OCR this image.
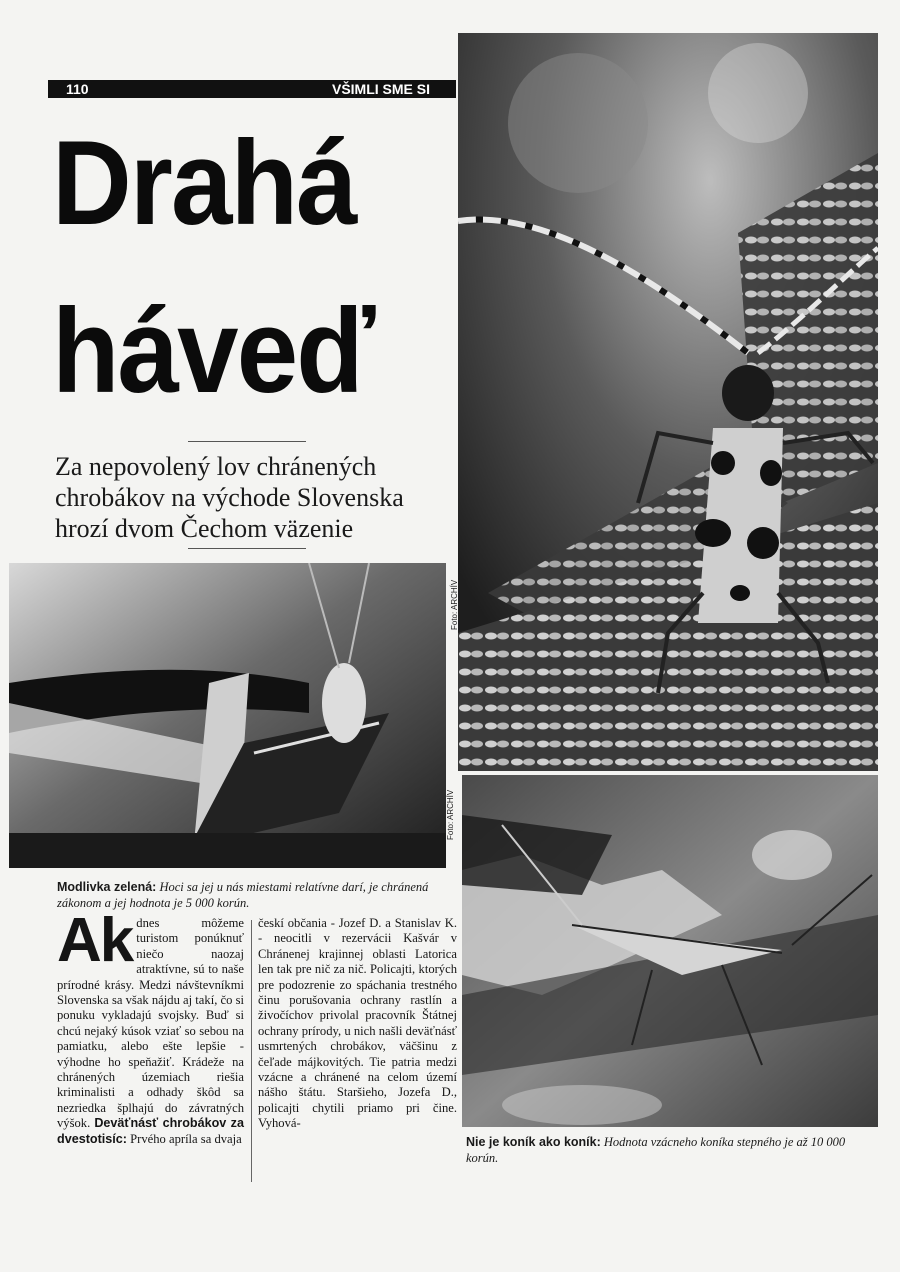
110	VŠIMLI SME SI
Drahá
háveď
Za nepovolený lov chránených chrobákov na východe Slovenska hrozí dvom Čechom väzenie
Foto: ARCHÍV
Foto: ARCHÍV
Modlivka zelená: Hoci sa jej u nás miestami relatívne darí, je chránená zákonom a jej hodnota je 5 000 korún.
Nie je koník ako koník: Hodnota vzácneho koníka stepného je až 10 000 korún.
Ak dnes môžeme turistom ponúknuť niečo naozaj atraktívne, sú to naše prírodné krásy. Medzi návštevníkmi Slovenska sa však nájdu aj takí, čo si ponuku vykladajú svojsky. Buď si chcú nejaký kúsok vziať so sebou na pamiatku, alebo ešte lepšie - výhodne ho speňažiť. Krádeže na chránených územiach riešia kriminalisti a odhady škôd sa nezriedka šplhajú do závratných výšok. Deväťnásť chrobákov za dvestotisíc: Prvého apríla sa dvaja
českí občania - Jozef D. a Stanislav K. - neocitli v rezervácii Kašvár v Chránenej krajinnej oblasti Latorica len tak pre nič za nič. Policajti, ktorých pre podozrenie zo spáchania trestného činu porušovania ochrany rastlín a živočíchov privolal pracovník Štátnej ochrany prírody, u nich našli deväťnásť usmrtených chrobákov, väčšinu z čeľade májkovitých. Tie patria medzi vzácne a chránené na celom území nášho štátu. Staršieho, Jozefa D., policajti chytili priamo pri čine. Vyhová-
